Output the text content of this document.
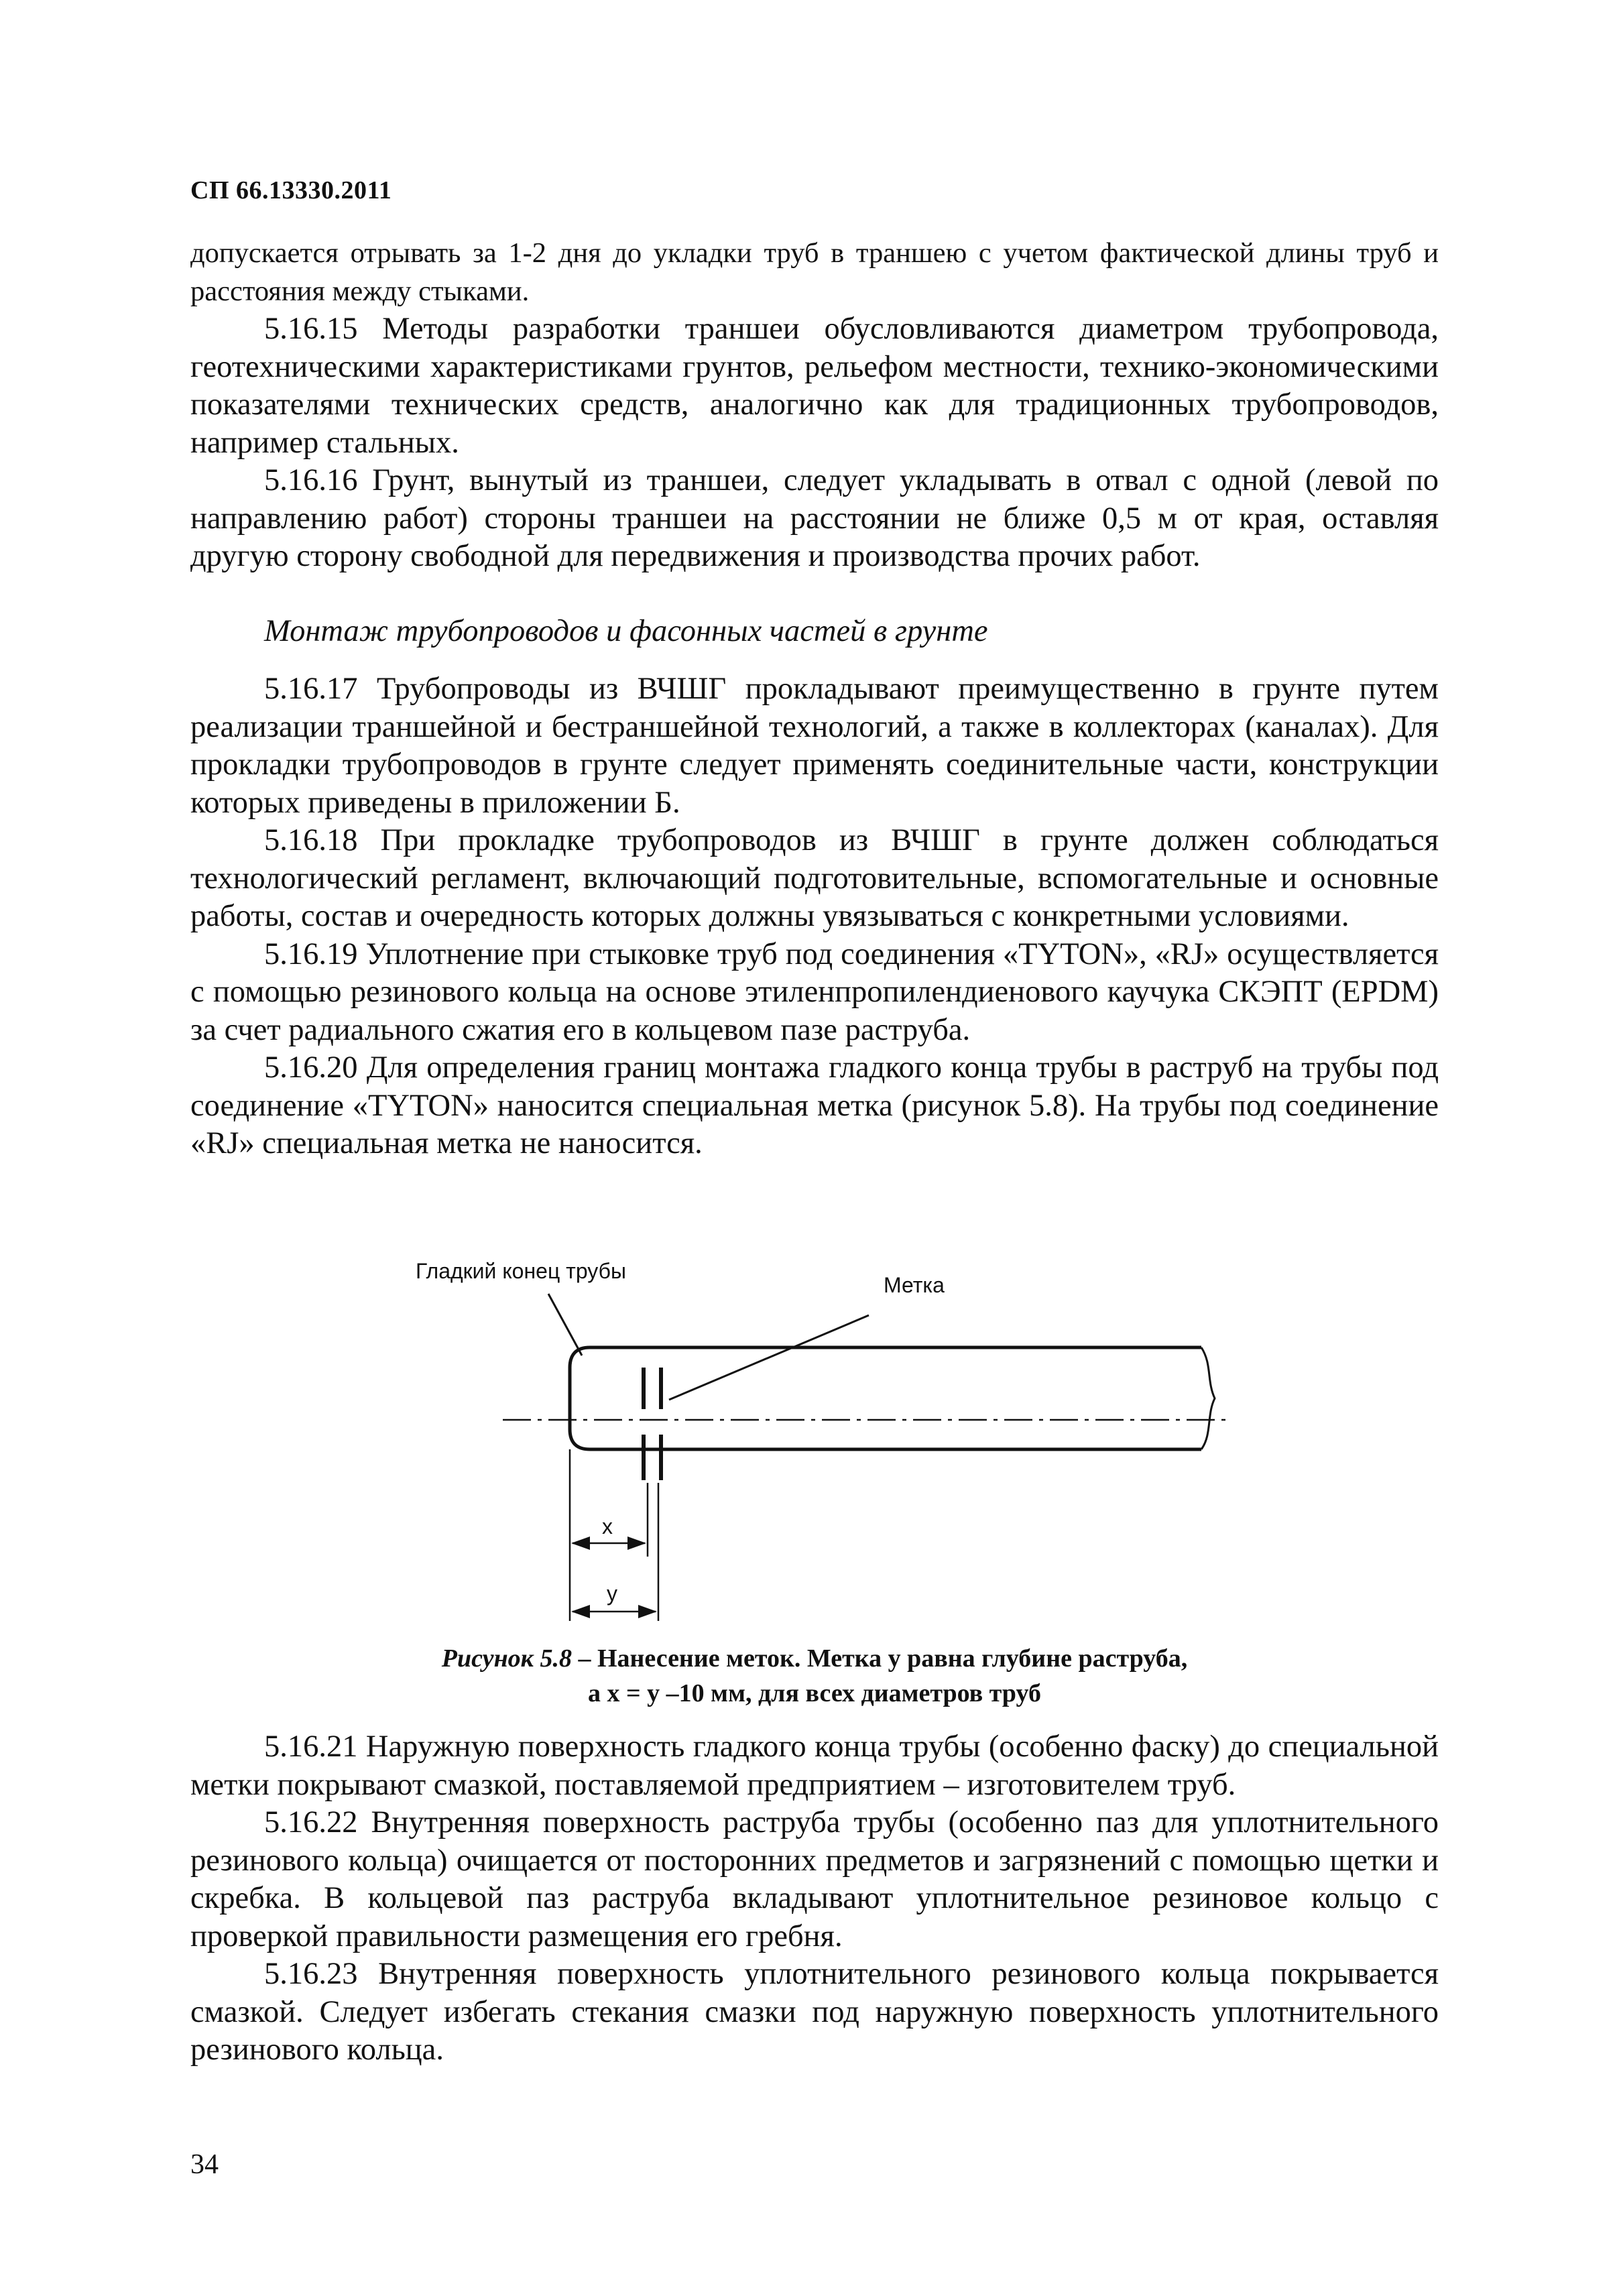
СП 66.13330.2011

допускается отрывать за 1-2 дня до укладки труб в траншею с учетом фактической длины труб и расстояния между стыками.

5.16.15 Методы разработки траншеи обусловливаются диаметром трубопровода, геотехническими характеристиками грунтов, рельефом местности, технико-экономическими показателями технических средств, аналогично как для традиционных трубопроводов, например стальных.

5.16.16 Грунт, вынутый из траншеи, следует укладывать в отвал с одной (левой по направлению работ) стороны траншеи на расстоянии не ближе 0,5 м от края, оставляя другую сторону свободной для передвижения и производства прочих работ.

Монтаж трубопроводов и фасонных частей в грунте

5.16.17 Трубопроводы из ВЧШГ прокладывают преимущественно в грунте путем реализации траншейной и бестраншейной технологий, а также в коллекторах (каналах). Для прокладки трубопроводов в грунте следует применять соединительные части, конструкции которых приведены в приложении Б.

5.16.18 При прокладке трубопроводов из ВЧШГ в грунте должен соблюдаться технологический регламент, включающий подготовительные, вспомогательные и основные работы, состав и очередность которых должны увязываться с конкретными условиями.

5.16.19 Уплотнение при стыковке труб под соединения «TYTON», «RJ» осуществляется с помощью резинового кольца на основе этиленпропилендиенового каучука СКЭПТ (EPDM) за счет радиального сжатия его в кольцевом пазе раструба.

5.16.20 Для определения границ монтажа гладкого конца трубы в раструб на трубы под соединение «TYTON» наносится специальная метка (рисунок 5.8). На трубы под соединение «RJ» специальная метка не наносится.

Гладкий конец трубы
Метка
x
y
Рисунок 5.8 – Нанесение меток. Метка y равна глубине раструба,
а x = y –10 мм, для всех диаметров труб

5.16.21 Наружную поверхность гладкого конца трубы (особенно фаску) до специальной метки покрывают смазкой, поставляемой предприятием – изготовителем труб.

5.16.22 Внутренняя поверхность раструба трубы (особенно паз для уплотнительного резинового кольца) очищается от посторонних предметов и загрязнений с помощью щетки и скребка. В кольцевой паз раструба вкладывают уплотнительное резиновое кольцо с проверкой правильности размещения его гребня.

5.16.23 Внутренняя поверхность уплотнительного резинового кольца покрывается смазкой. Следует избегать стекания смазки под наружную поверхность уплотнительного резинового кольца.

34
